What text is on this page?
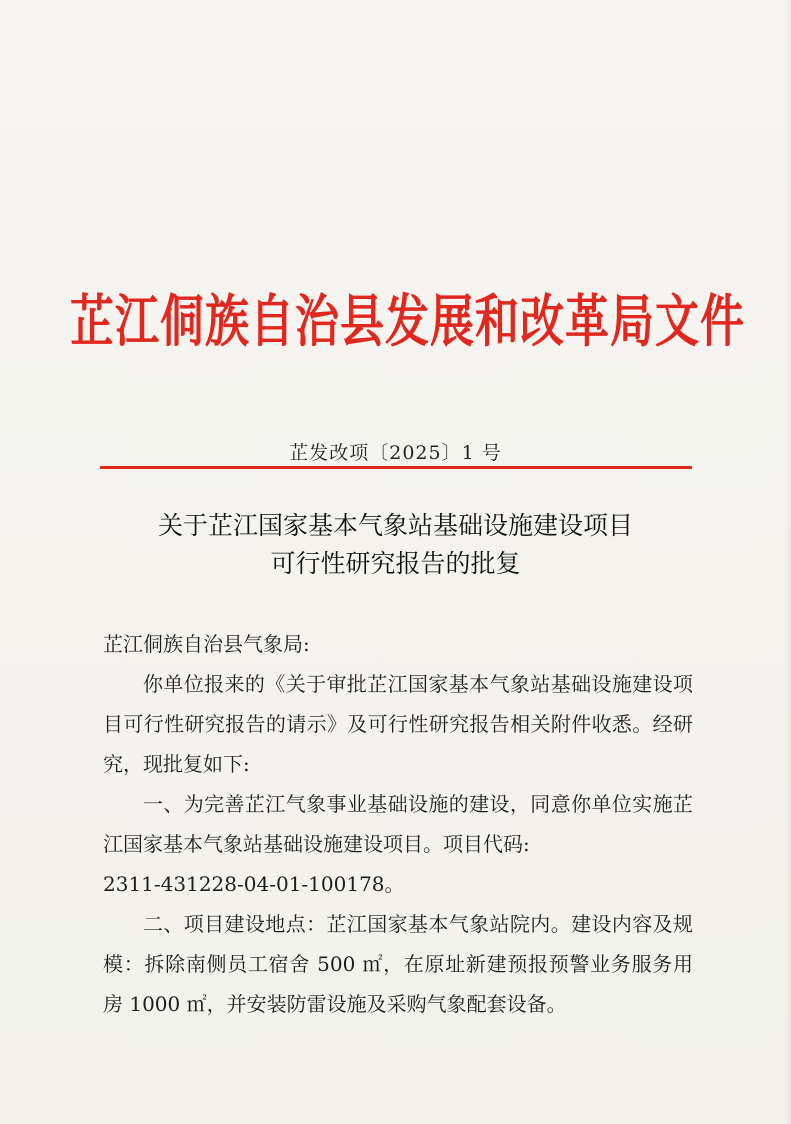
芷江侗族自治县发展和改革局文件
芷发改项〔2025〕1 号
关于芷江国家基本气象站基础设施建设项目
可行性研究报告的批复

芷江侗族自治县气象局:

你单位报来的《关于审批芷江国家基本气象站基础设施建设项目可行性研究报告的请示》及可行性研究报告相关附件收悉。经研究，现批复如下:

一、为完善芷江气象事业基础设施的建设，同意你单位实施芷江国家基本气象站基础设施建设项目。项目代码:

2311-431228-04-01-100178。

二、项目建设地点：芷江国家基本气象站院内。建设内容及规模：拆除南侧员工宿舍 500 ㎡，在原址新建预报预警业务服务用房 1000 ㎡，并安装防雷设施及采购气象配套设备。
